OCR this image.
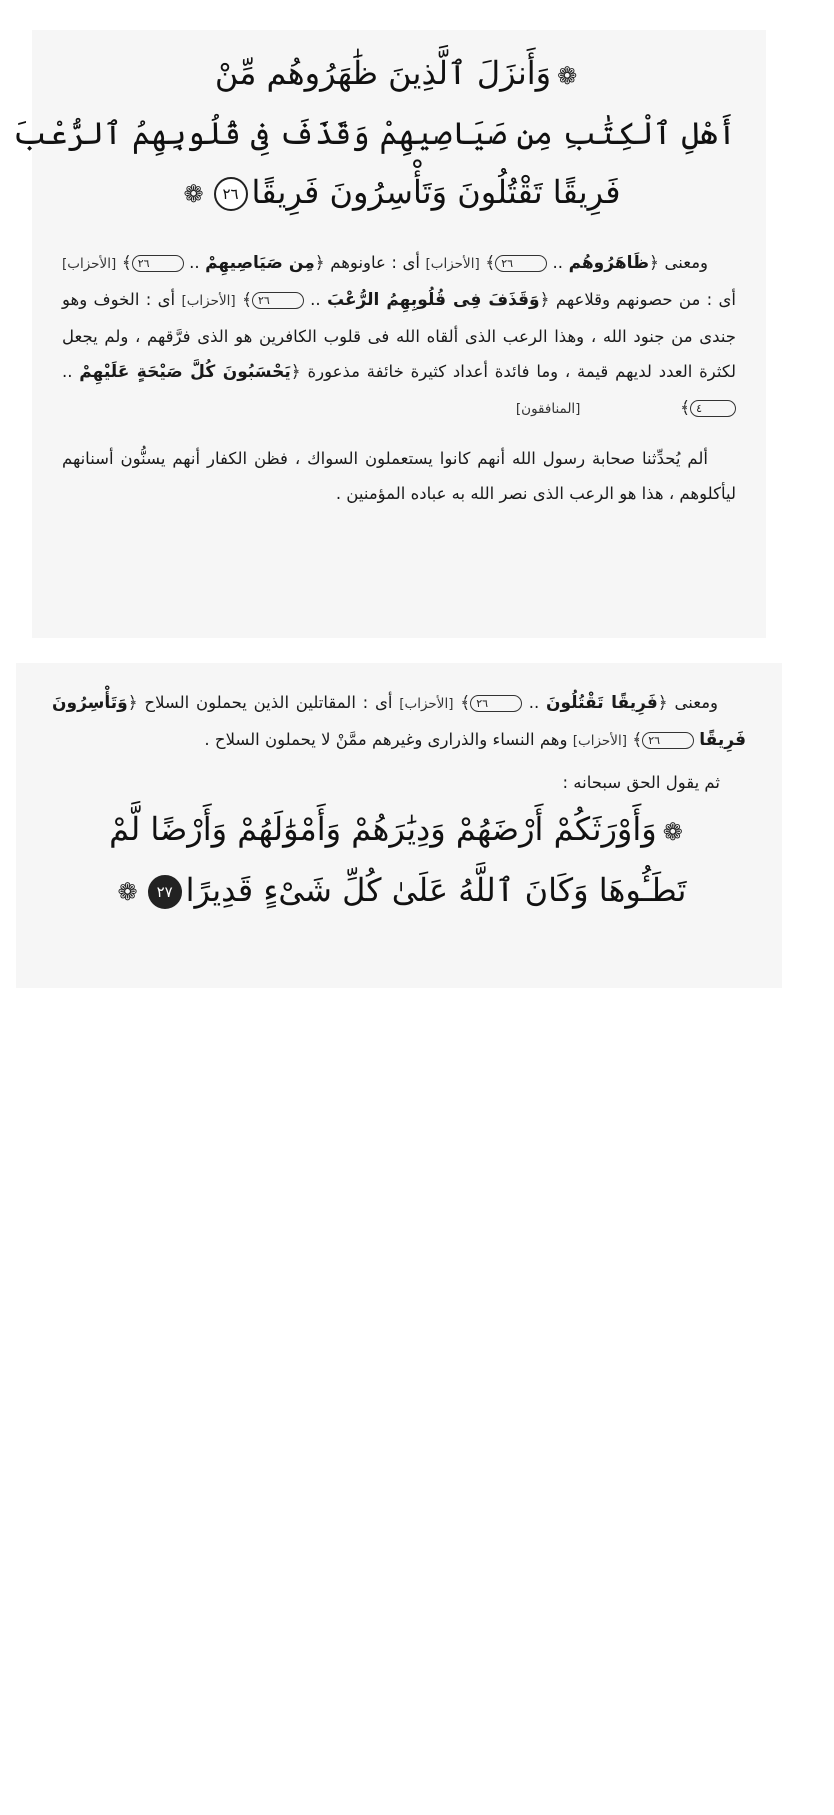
❁وَأَنزَلَ ٱلَّذِينَ ظَٰهَرُوهُم مِّنْ
أَهْلِ ٱلْكِتَٰبِ مِن صَيَاصِيهِمْ وَقَذَفَ فِى قُلُوبِهِمُ ٱلرُّعْبَ
فَرِيقًا تَقْتُلُونَ وَتَأْسِرُونَ فَرِيقًا٢٦❁

ومعنى ﴿ظَاهَرُوهُم .. ٢٦﴾ [الأحزاب] أى : عاونوهم ﴿مِن صَيَاصِيهِمْ .. ٢٦﴾ [الأحزاب] أى : من حصونهم وقلاعهم ﴿وَقَذَفَ فِى قُلُوبِهِمُ الرُّعْبَ .. ٢٦﴾ [الأحزاب] أى : الخوف وهو جندى من جنود الله ، وهذا الرعب الذى ألقاه الله فى قلوب الكافرين هو الذى فرَّقهم ، ولم يجعل لكثرة العدد لديهم قيمة ، وما فائدة أعداد كثيرة خائفة مذعورة ﴿يَحْسَبُونَ كُلَّ صَيْحَةٍ عَلَيْهِمْ .. ٤﴾                   [المنافقون]

ألم يُحدِّثنا صحابة رسول الله أنهم كانوا يستعملون السواك ، فظن الكفار أنهم يسنُّون أسنانهم ليأكلوهم ، هذا هو الرعب الذى نصر الله به عباده المؤمنين .

ومعنى ﴿فَرِيقًا تَقْتُلُونَ .. ٢٦﴾ [الأحزاب] أى : المقاتلين الذين يحملون السلاح ﴿وَتَأْسِرُونَ فَرِيقًا ٢٦﴾ [الأحزاب] وهم النساء والذرارى وغيرهم ممَّنْ لا يحملون السلاح .

ثم يقول الحق سبحانه :

❁وَأَوْرَثَكُمْ أَرْضَهُمْ وَدِيَٰرَهُمْ وَأَمْوَٰلَهُمْ وَأَرْضًا لَّمْ
تَطَـُٔوهَا وَكَانَ ٱللَّهُ عَلَىٰ كُلِّ شَىْءٍ قَدِيرًا٢٧❁
